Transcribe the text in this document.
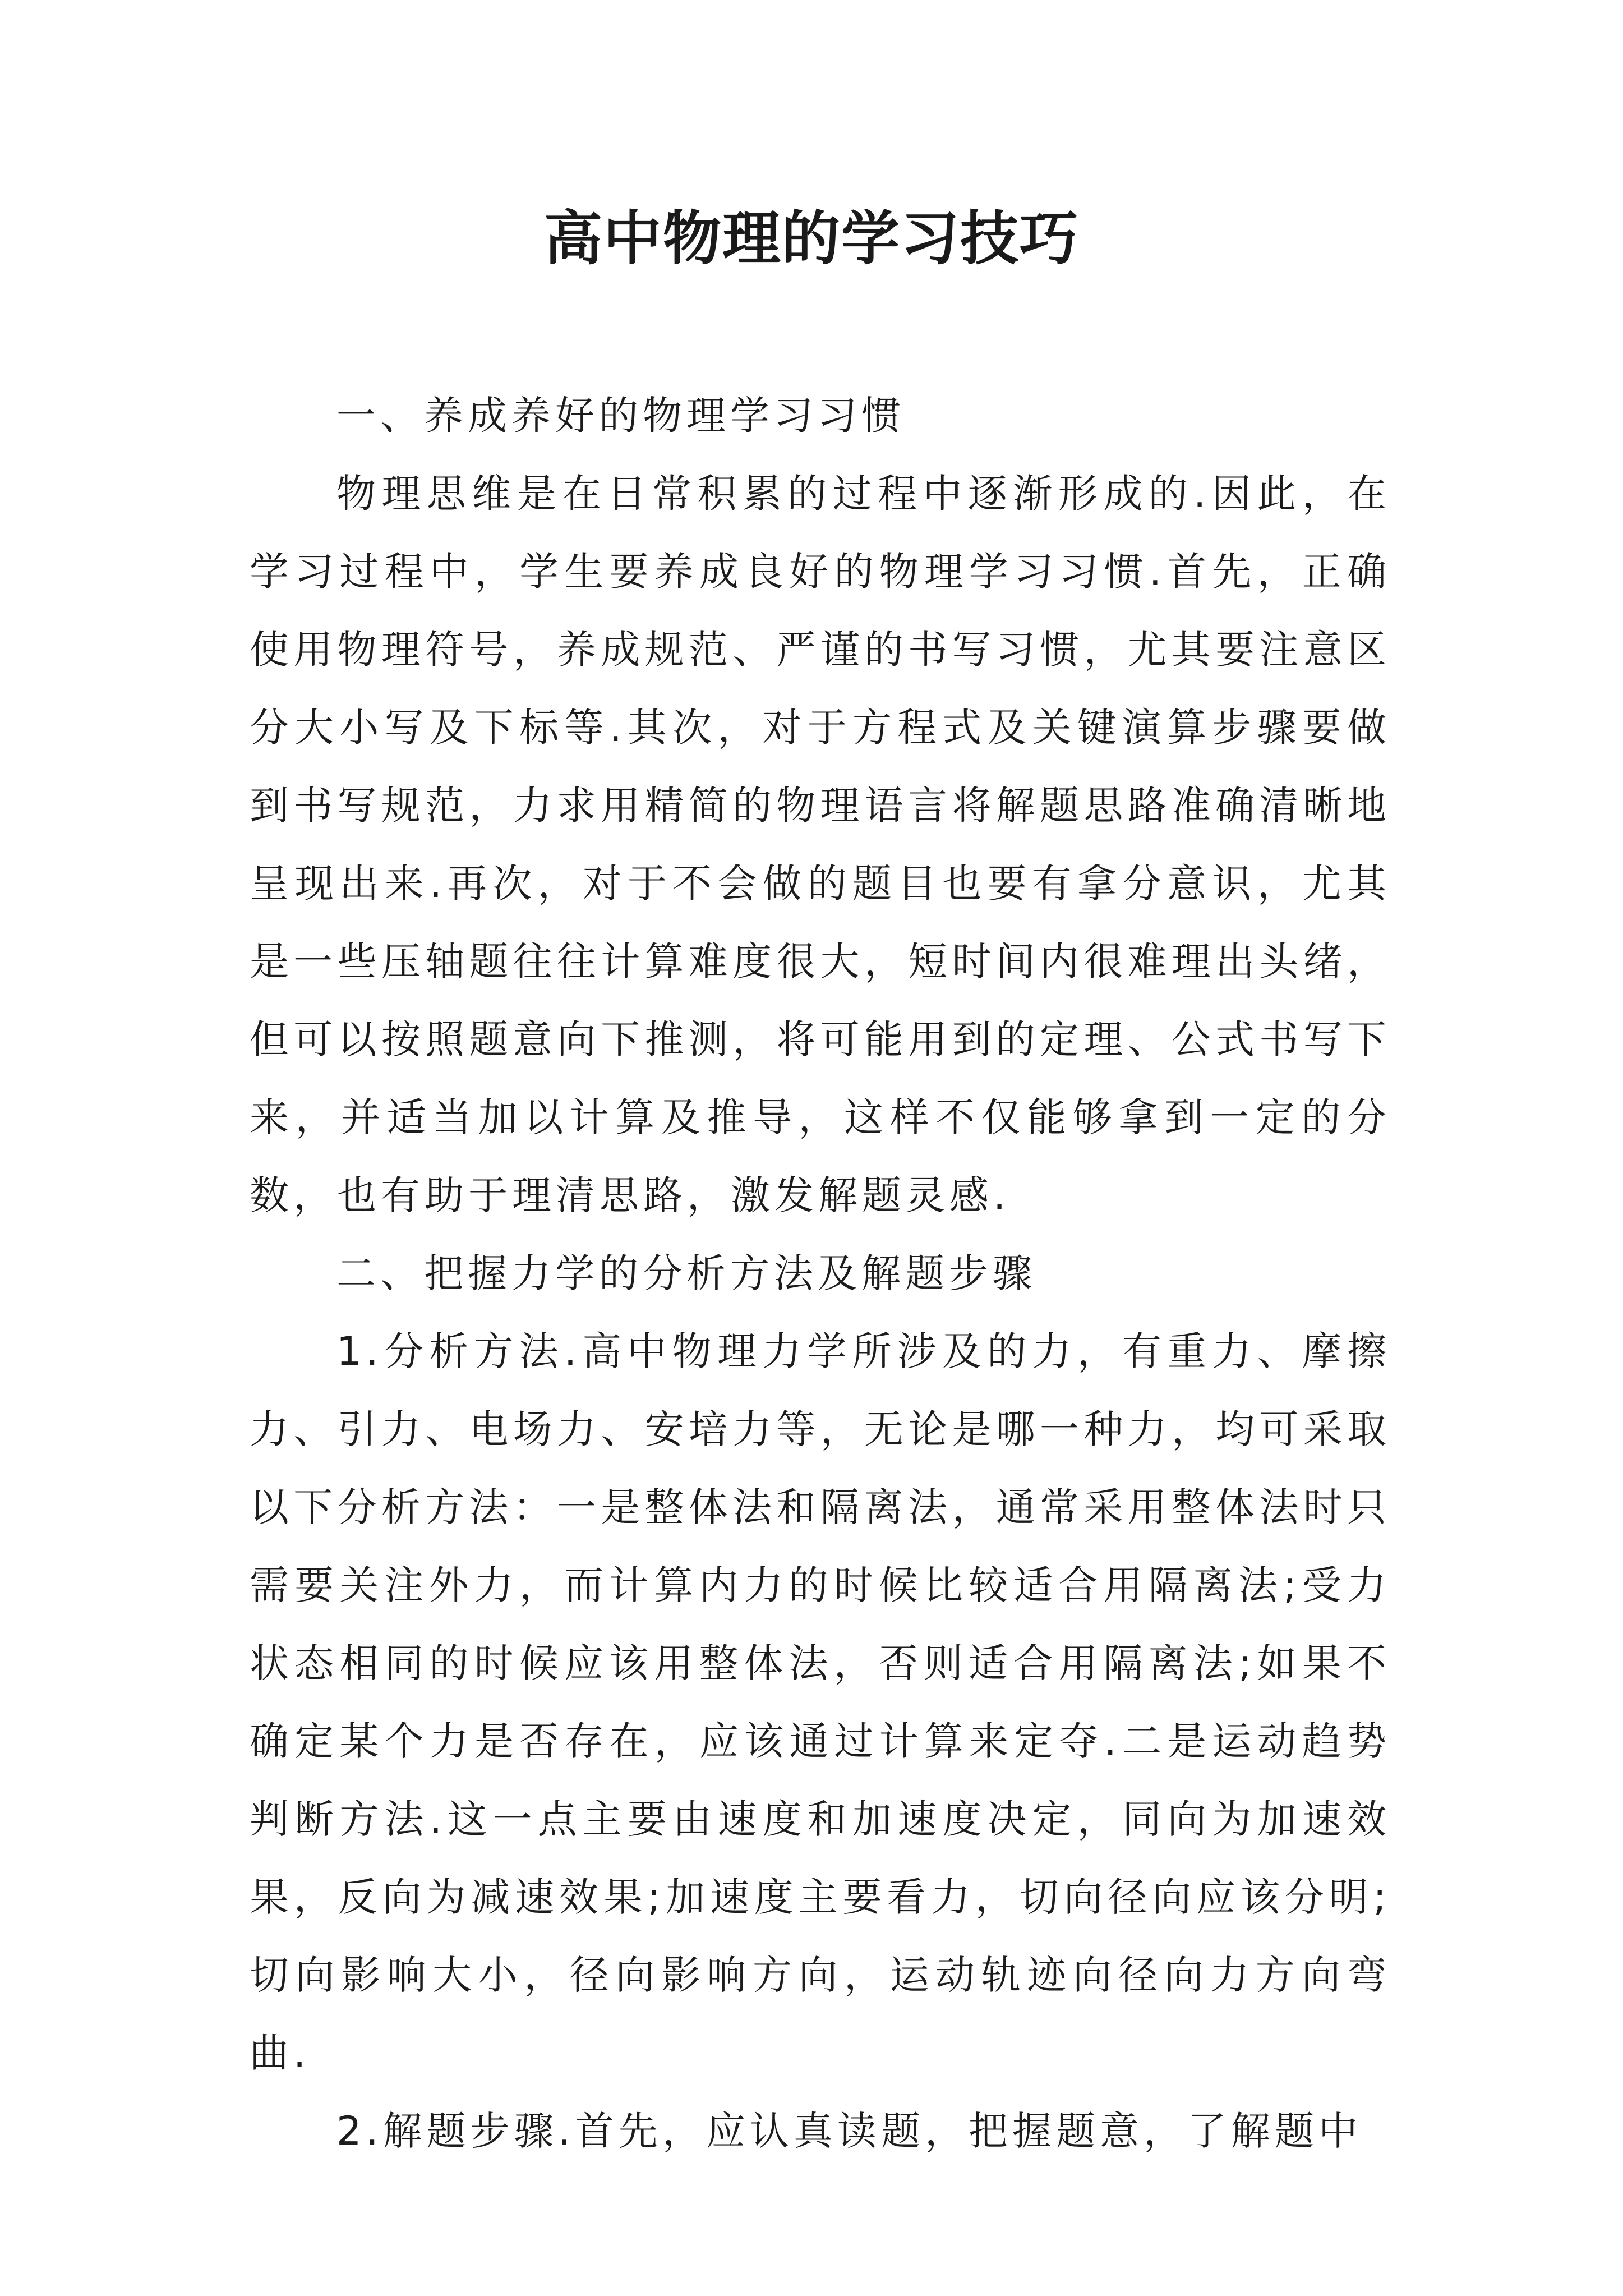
高中物理的学习技巧

一、养成养好的物理学习习惯

物理思维是在日常积累的过程中逐渐形成的.因此，在学习过程中，学生要养成良好的物理学习习惯.首先，正确使用物理符号，养成规范、严谨的书写习惯，尤其要注意区分大小写及下标等.其次，对于方程式及关键演算步骤要做到书写规范，力求用精简的物理语言将解题思路准确清晰地呈现出来.再次，对于不会做的题目也要有拿分意识，尤其是一些压轴题往往计算难度很大，短时间内很难理出头绪，但可以按照题意向下推测，将可能用到的定理、公式书写下来，并适当加以计算及推导，这样不仅能够拿到一定的分数，也有助于理清思路，激发解题灵感.

二、把握力学的分析方法及解题步骤

1.分析方法.高中物理力学所涉及的力，有重力、摩擦力、引力、电场力、安培力等，无论是哪一种力，均可采取以下分析方法：一是整体法和隔离法，通常采用整体法时只需要关注外力，而计算内力的时候比较适合用隔离法;受力状态相同的时候应该用整体法，否则适合用隔离法;如果不确定某个力是否存在，应该通过计算来定夺.二是运动趋势判断方法.这一点主要由速度和加速度决定，同向为加速效果，反向为减速效果;加速度主要看力，切向径向应该分明;切向影响大小，径向影响方向，运动轨迹向径向力方向弯曲.

2.解题步骤.首先，应认真读题，把握题意，了解题中
